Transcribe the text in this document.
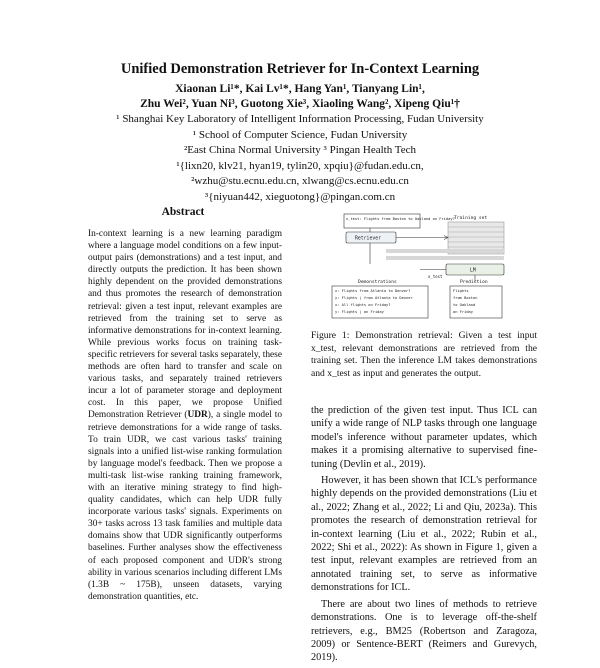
Unified Demonstration Retriever for In-Context Learning
Xiaonan Li¹*, Kai Lv¹*, Hang Yan¹, Tianyang Lin¹,
Zhu Wei², Yuan Ni³, Guotong Xie³, Xiaoling Wang², Xipeng Qiu¹†
¹ Shanghai Key Laboratory of Intelligent Information Processing, Fudan University
¹ School of Computer Science, Fudan University
²East China Normal University ³ Pingan Health Tech
¹{lixn20, klv21, hyan19, tylin20, xpqiu}@fudan.edu.cn,
²wzhu@stu.ecnu.edu.cn, xlwang@cs.ecnu.edu.cn
³{niyuan442, xieguotong}@pingan.com.cn
Abstract
In-context learning is a new learning paradigm where a language model conditions on a few input-output pairs (demonstrations) and a test input, and directly outputs the prediction. It has been shown highly dependent on the provided demonstrations and thus promotes the research of demonstration retrieval: given a test input, relevant examples are retrieved from the training set to serve as informative demonstrations for in-context learning. While previous works focus on training task-specific retrievers for several tasks separately, these methods are often hard to transfer and scale on various tasks, and separately trained retrievers incur a lot of parameter storage and deployment cost. In this paper, we propose Unified Demonstration Retriever (UDR), a single model to retrieve demonstrations for a wide range of tasks. To train UDR, we cast various tasks' training signals into a unified list-wise ranking formulation by language model's feedback. Then we propose a multi-task list-wise ranking training framework, with an iterative mining strategy to find high-quality candidates, which can help UDR fully incorporate various tasks' signals. Experiments on 30+ tasks across 13 task families and multiple data domains show that UDR significantly outperforms baselines. Further analyses show the effectiveness of each proposed component and UDR's strong ability in various scenarios including different LMs (1.3B ~ 175B), unseen datasets, varying demonstration quantities, etc.
x_test: Flights from Boston to Oakland on Friday? Training set
Retriever
LM
Demonstrations
x_test
x: Flights from Atlanta to Denver?
y: Flights | from Atlanta to Denver
x: All flights on Friday?
y: Flights | on Friday
Prediction
Flights
from Boston
to Oakland
on Friday
Figure 1: Demonstration retrieval: Given a test input x_test, relevant demonstrations are retrieved from the training set. Then the inference LM takes demonstrations and x_test as input and generates the output.

the prediction of the given test input. Thus ICL can unify a wide range of NLP tasks through one language model's inference without parameter updates, which makes it a promising alternative to supervised fine-tuning (Devlin et al., 2019).

However, it has been shown that ICL's performance highly depends on the provided demonstrations (Liu et al., 2022; Zhang et al., 2022; Li and Qiu, 2023a). This promotes the research of demonstration retrieval for in-context learning (Liu et al., 2022; Rubin et al., 2022; Shi et al., 2022): As shown in Figure 1, given a test input, relevant examples are retrieved from an annotated training set, to serve as informative demonstrations for ICL.

There are about two lines of methods to retrieve demonstrations. One is to leverage off-the-shelf retrievers, e.g., BM25 (Robertson and Zaragoza, 2009) or Sentence-BERT (Reimers and Gurevych, 2019).
